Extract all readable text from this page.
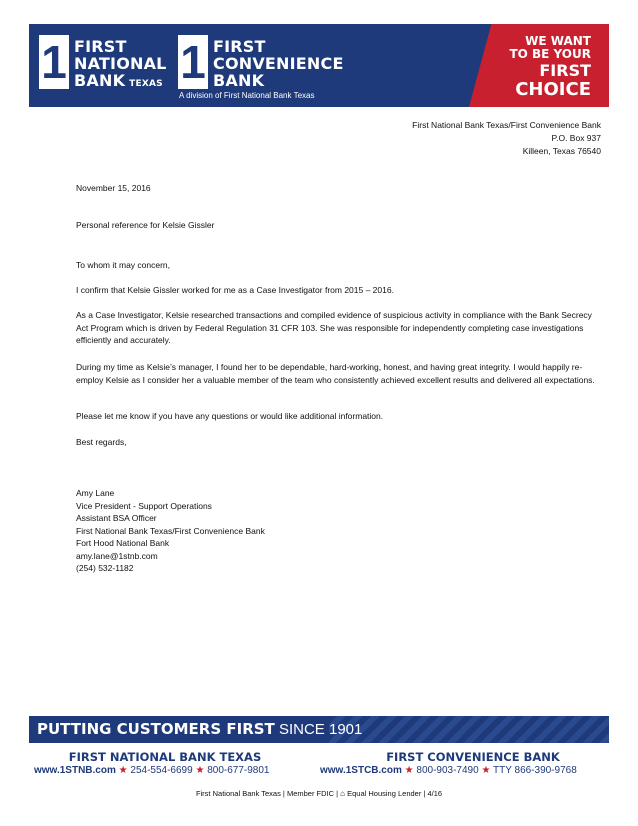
1 FIRST
NATIONAL
BANK TEXAS 1 FIRST
CONVENIENCE
BANK
A division of First National Bank Texas
WE WANT
TO BE YOUR
FIRST
CHOICE
First National Bank Texas/First Convenience Bank
P.O. Box 937
Killeen, Texas 76540
November 15, 2016
Personal reference for Kelsie Gissler
To whom it may concern,
I confirm that Kelsie Gissler worked for me as a Case Investigator from 2015 – 2016.
As a Case Investigator, Kelsie researched transactions and compiled evidence of suspicious activity in compliance with the Bank Secrecy Act Program which is driven by Federal Regulation 31 CFR 103. She was responsible for independently completing case investigations efficiently and accurately.
During my time as Kelsie’s manager, I found her to be dependable, hard-working, honest, and having great integrity. I would happily re-employ Kelsie as I consider her a valuable member of the team who consistently achieved excellent results and delivered all expectations.
Please let me know if you have any questions or would like additional information.
Best regards,
Amy Lane
Vice President - Support Operations
Assistant BSA Officer
First National Bank Texas/First Convenience Bank
Fort Hood National Bank
amy.lane@1stnb.com
(254) 532-1182
PUTTING CUSTOMERS FIRST SINCE 1901
FIRST NATIONAL BANK TEXAS	FIRST CONVENIENCE BANK
www.1STNB.com ★ 254-554-6699 ★ 800-677-9801	www.1STCB.com ★ 800-903-7490 ★ TTY 866-390-9768
First National Bank Texas | Member FDIC | ⌂ Equal Housing Lender | 4/16
